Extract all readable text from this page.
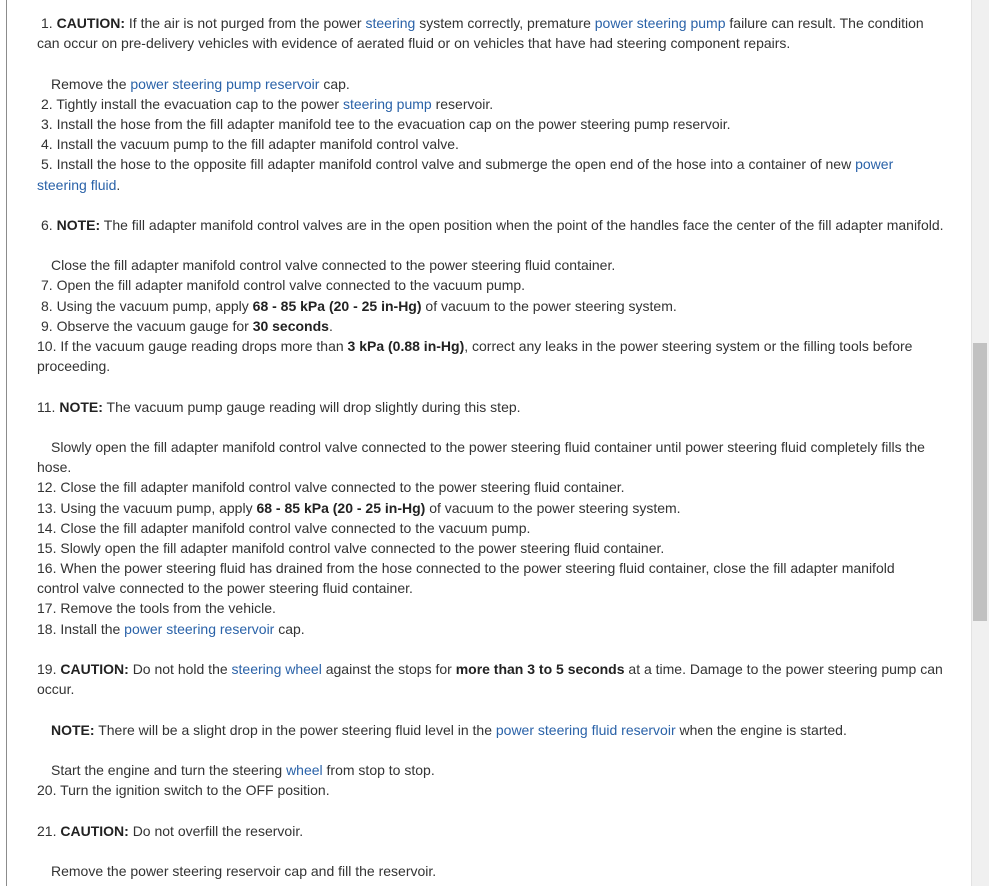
1. CAUTION: If the air is not purged from the power steering system correctly, premature power steering pump failure can result. The condition
can occur on pre-delivery vehicles with evidence of aerated fluid or on vehicles that have had steering component repairs.
Remove the power steering pump reservoir cap.
2. Tightly install the evacuation cap to the power steering pump reservoir.
3. Install the hose from the fill adapter manifold tee to the evacuation cap on the power steering pump reservoir.
4. Install the vacuum pump to the fill adapter manifold control valve.
5. Install the hose to the opposite fill adapter manifold control valve and submerge the open end of the hose into a container of new power
steering fluid.
6. NOTE: The fill adapter manifold control valves are in the open position when the point of the handles face the center of the fill adapter manifold.
Close the fill adapter manifold control valve connected to the power steering fluid container.
7. Open the fill adapter manifold control valve connected to the vacuum pump.
8. Using the vacuum pump, apply 68 - 85 kPa (20 - 25 in-Hg) of vacuum to the power steering system.
9. Observe the vacuum gauge for 30 seconds.
10. If the vacuum gauge reading drops more than 3 kPa (0.88 in-Hg), correct any leaks in the power steering system or the filling tools before
proceeding.
11. NOTE: The vacuum pump gauge reading will drop slightly during this step.
Slowly open the fill adapter manifold control valve connected to the power steering fluid container until power steering fluid completely fills the
hose.
12. Close the fill adapter manifold control valve connected to the power steering fluid container.
13. Using the vacuum pump, apply 68 - 85 kPa (20 - 25 in-Hg) of vacuum to the power steering system.
14. Close the fill adapter manifold control valve connected to the vacuum pump.
15. Slowly open the fill adapter manifold control valve connected to the power steering fluid container.
16. When the power steering fluid has drained from the hose connected to the power steering fluid container, close the fill adapter manifold
control valve connected to the power steering fluid container.
17. Remove the tools from the vehicle.
18. Install the power steering reservoir cap.
19. CAUTION: Do not hold the steering wheel against the stops for more than 3 to 5 seconds at a time. Damage to the power steering pump can
occur.
NOTE: There will be a slight drop in the power steering fluid level in the power steering fluid reservoir when the engine is started.
Start the engine and turn the steering wheel from stop to stop.
20. Turn the ignition switch to the OFF position.
21. CAUTION: Do not overfill the reservoir.
Remove the power steering reservoir cap and fill the reservoir.
